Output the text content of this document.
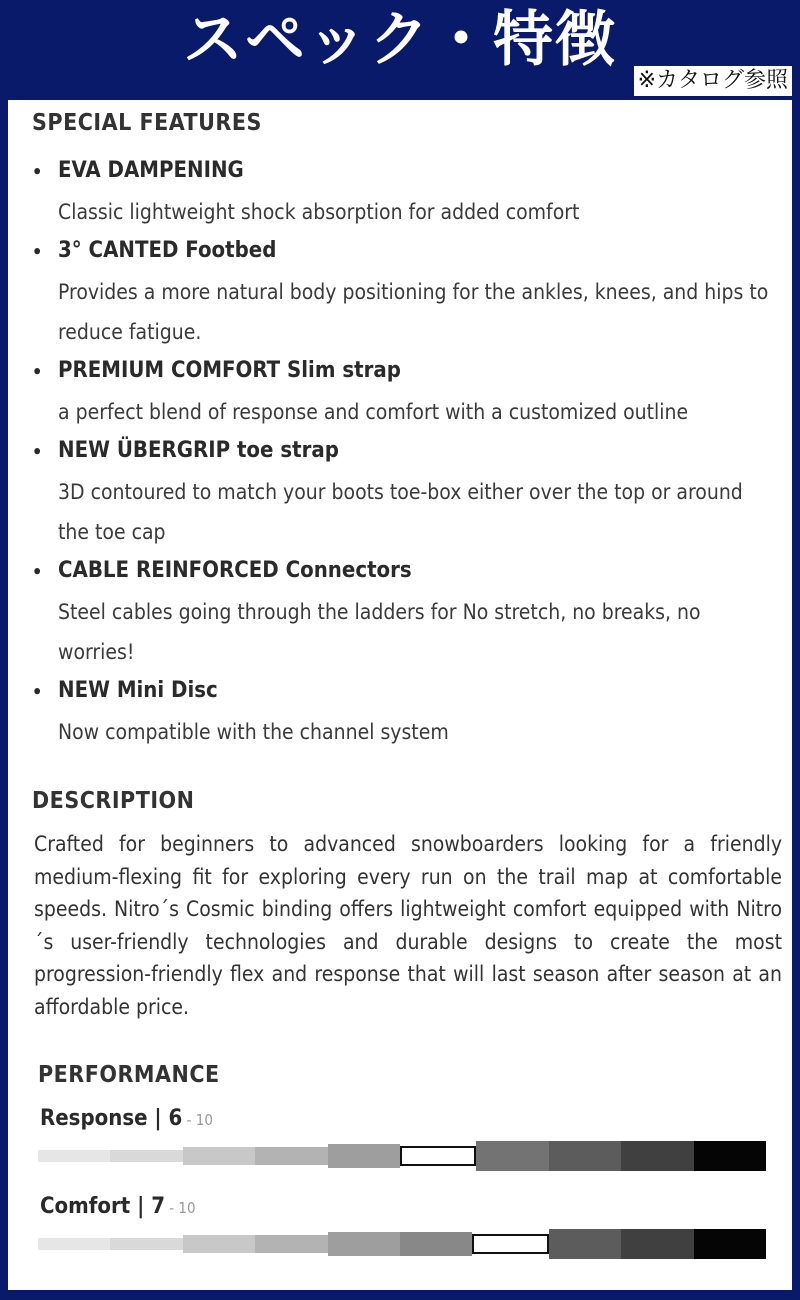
スペック・特徴
※カタログ参照
SPECIAL FEATURES
• EVA DAMPENING
Classic lightweight shock absorption for added comfort
• 3° CANTED Footbed
Provides a more natural body positioning for the ankles, knees, and hips to reduce fatigue.
• PREMIUM COMFORT Slim strap
a perfect blend of response and comfort with a customized outline
• NEW ÜBERGRIP toe strap
3D contoured to match your boots toe-box either over the top or around the toe cap
• CABLE REINFORCED Connectors
Steel cables going through the ladders for No stretch, no breaks, no worries!
• NEW Mini Disc
Now compatible with the channel system
DESCRIPTION
Crafted for beginners to advanced snowboarders looking for a friendly medium-flexing fit for exploring every run on the trail map at comfortable speeds. Nitro´s Cosmic binding offers lightweight comfort equipped with Nitro´s user-friendly technologies and durable designs to create the most progression-friendly flex and response that will last season after season at an affordable price.
PERFORMANCE
Response | 6 - 10
Comfort | 7 - 10
